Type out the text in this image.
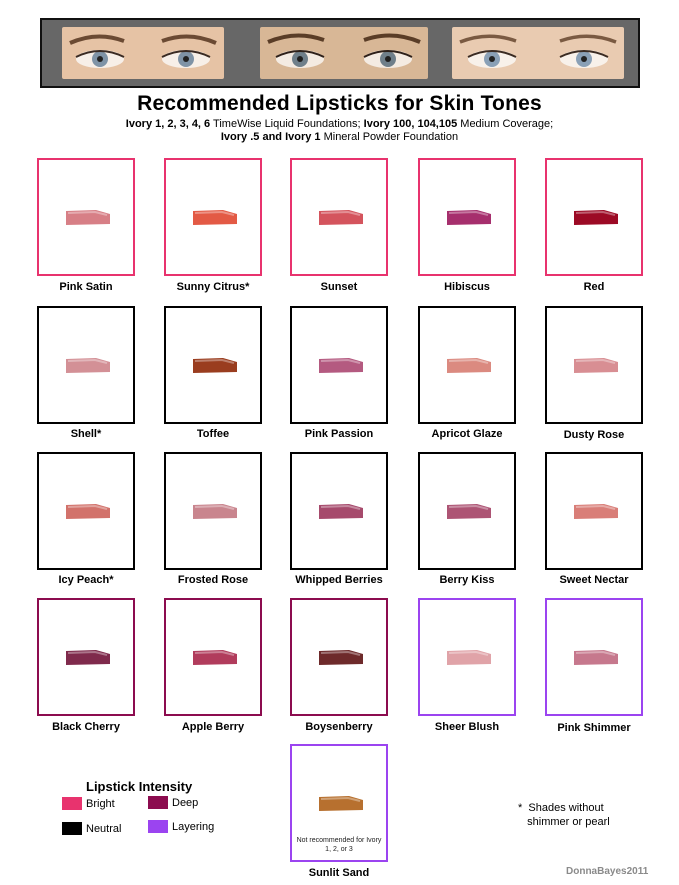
Recommended Lipsticks for Skin Tones
Ivory 1, 2, 3, 4, 6 TimeWise Liquid Foundations; Ivory 100, 104,105 Medium Coverage;
Ivory .5 and Ivory 1 Mineral Powder Foundation
Not recommended for Ivory 1, 2, or 3
Pink Satin	Sunny Citrus*	Sunset	Hibiscus	Red
Shell*	Toffee	Pink Passion	Apricot Glaze	Dusty Rose
Icy Peach*	Frosted Rose	Whipped Berries	Berry Kiss	Sweet Nectar
Black Cherry	Apple Berry	Boysenberry	Sheer Blush	Pink Shimmer
Sunlit Sand
Lipstick Intensity
Bright	Deep
Neutral	Layering
* Shades without
shimmer or pearl
DonnaBayes2011
